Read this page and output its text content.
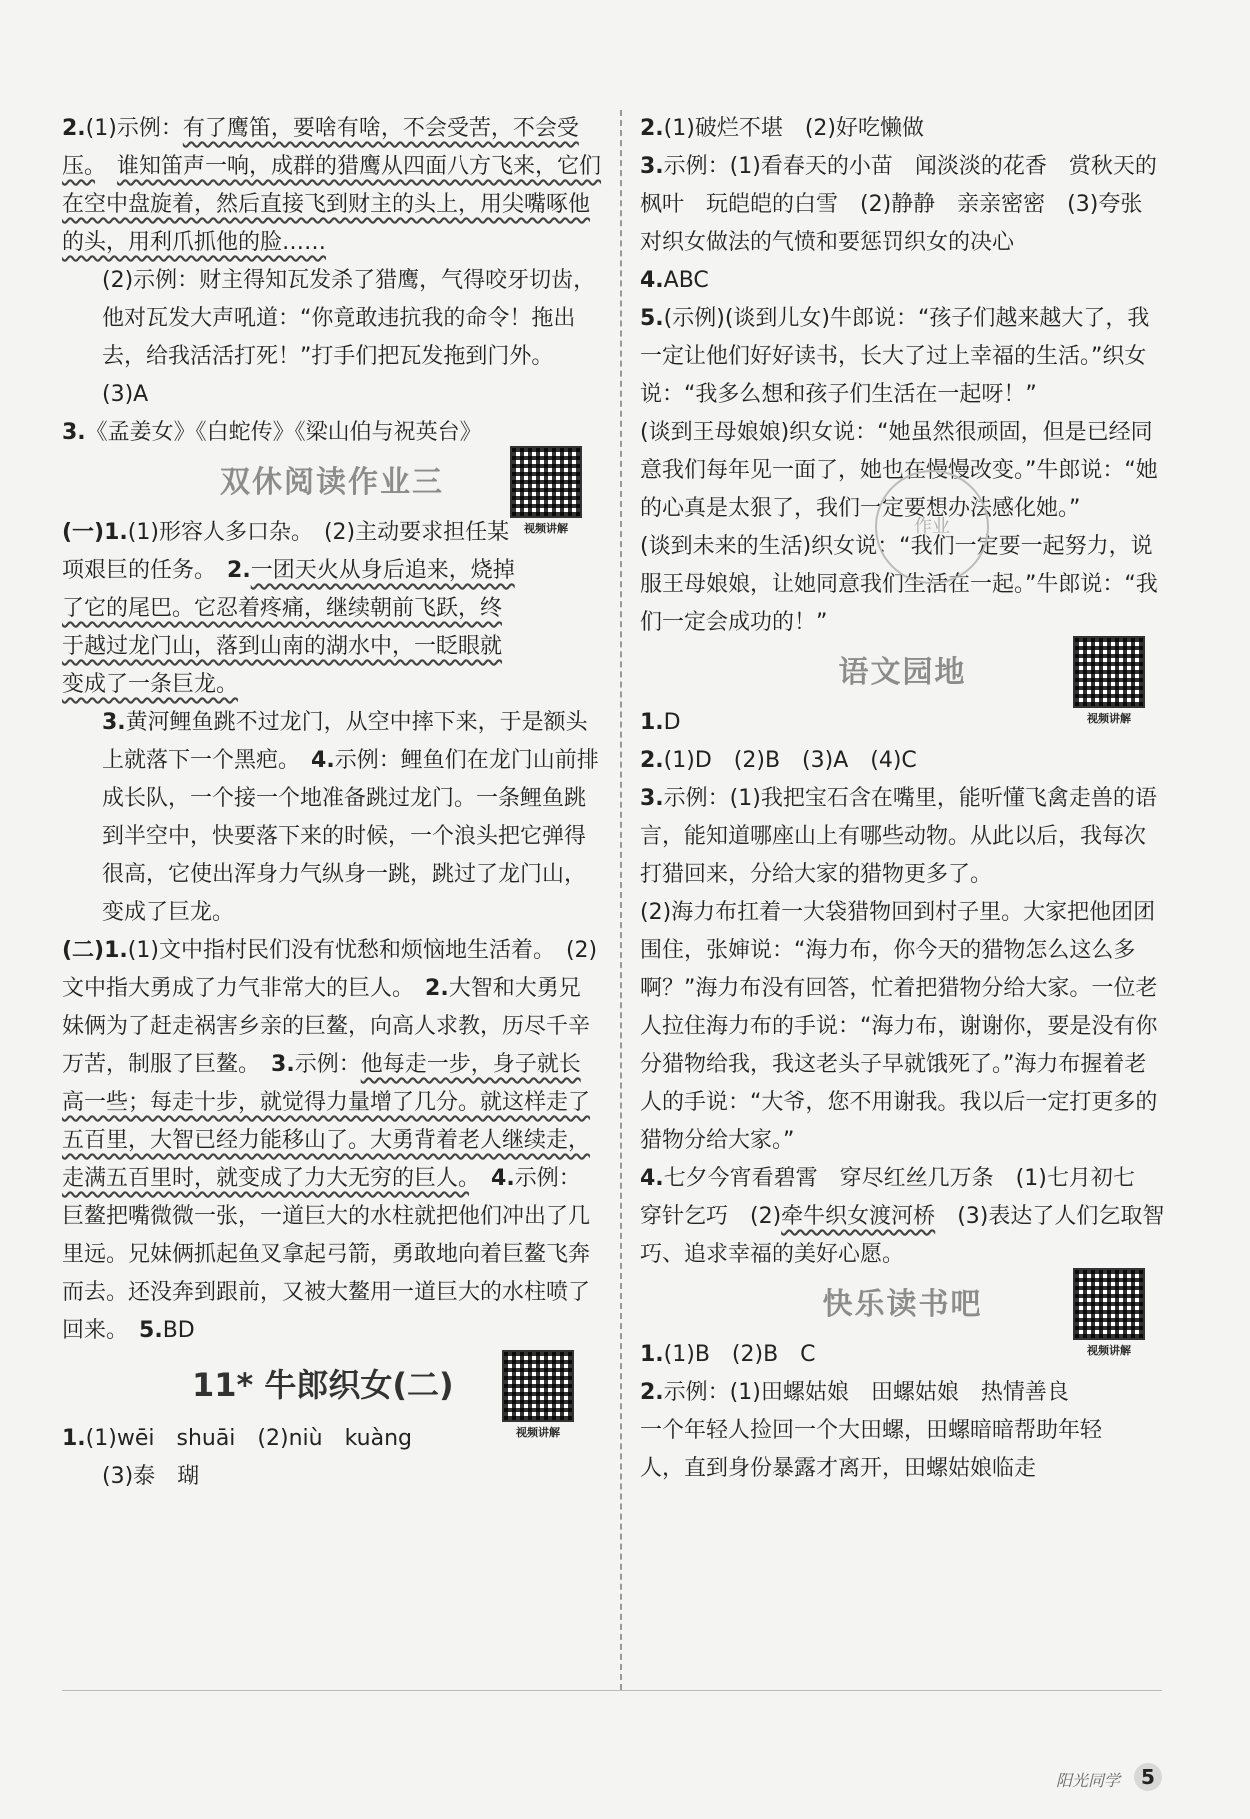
2.(1)示例：有了鹰笛，要啥有啥，不会受苦，不会受压。　 谁知笛声一响，成群的猎鹰从四面八方飞来，它们在空中盘旋着，然后直接飞到财主的头上，用尖嘴啄他的头，用利爪抓他的脸……

(2)示例：财主得知瓦发杀了猎鹰，气得咬牙切齿，他对瓦发大声吼道：“你竟敢违抗我的命令！拖出去，给我活活打死！”打手们把瓦发拖到门外。　(3)A

3.《孟姜女》《白蛇传》《梁山伯与祝英台》

双休阅读作业三
视频讲解

(一)1.(1)形容人多口杂。　(2)主动要求担任某项艰巨的任务。　2.一团天火从身后追来，烧掉了它的尾巴。它忍着疼痛，继续朝前飞跃，终于越过龙门山，落到山南的湖水中，一眨眼就变成了一条巨龙。

3.黄河鲤鱼跳不过龙门，从空中摔下来，于是额头上就落下一个黑疤。　4.示例：鲤鱼们在龙门山前排成长队，一个接一个地准备跳过龙门。一条鲤鱼跳到半空中，快要落下来的时候，一个浪头把它弹得很高，它使出浑身力气纵身一跳，跳过了龙门山，变成了巨龙。

(二)1.(1)文中指村民们没有忧愁和烦恼地生活着。　(2)文中指大勇成了力气非常大的巨人。　2.大智和大勇兄妹俩为了赶走祸害乡亲的巨鳌，向高人求教，历尽千辛万苦，制服了巨鳌。　3.示例：他每走一步，身子就长高一些；每走十步，就觉得力量增了几分。就这样走了五百里，大智已经力能移山了。大勇背着老人继续走，走满五百里时，就变成了力大无穷的巨人。　 4.示例：巨鳌把嘴微微一张，一道巨大的水柱就把他们冲出了几里远。兄妹俩抓起鱼叉拿起弓箭，勇敢地向着巨鳌飞奔而去。还没奔到跟前，又被大鳌用一道巨大的水柱喷了回来。　5.BD

11* 牛郎织女(二)
视频讲解

1.(1)wēi　shuāi　(2)niù　kuàng

(3)泰　瑚

2.(1)破烂不堪　(2)好吃懒做

3.示例：(1)看春天的小苗　闻淡淡的花香　赏秋天的枫叶　玩皑皑的白雪　(2)静静　亲亲密密　(3)夸张　对织女做法的气愤和要惩罚织女的决心

4.ABC

5.(示例)(谈到儿女)牛郎说：“孩子们越来越大了，我一定让他们好好读书，长大了过上幸福的生活。”织女说：“我多么想和孩子们生活在一起呀！”

(谈到王母娘娘)织女说：“她虽然很顽固，但是已经同意我们每年见一面了，她也在慢慢改变。”牛郎说：“她的心真是太狠了，我们一定要想办法感化她。”

(谈到未来的生活)织女说：“我们一定要一起努力，说服王母娘娘，让她同意我们生活在一起。”牛郎说：“我们一定会成功的！”

语文园地
视频讲解

1.D

2.(1)D　(2)B　(3)A　(4)C

3.示例：(1)我把宝石含在嘴里，能听懂飞禽走兽的语言，能知道哪座山上有哪些动物。从此以后，我每次打猎回来，分给大家的猎物更多了。

(2)海力布扛着一大袋猎物回到村子里。大家把他团团围住，张婶说：“海力布，你今天的猎物怎么这么多啊？”海力布没有回答，忙着把猎物分给大家。一位老人拉住海力布的手说：“海力布，谢谢你，要是没有你分猎物给我，我这老头子早就饿死了。”海力布握着老人的手说：“大爷，您不用谢我。我以后一定打更多的猎物分给大家。”

4.七夕今宵看碧霄　穿尽红丝几万条　(1)七月初七　穿针乞巧　(2)牵牛织女渡河桥　(3)表达了人们乞取智巧、追求幸福的美好心愿。

快乐读书吧
视频讲解

1.(1)B　(2)B　C

2.示例：(1)田螺姑娘　田螺姑娘　热情善良　一个年轻人捡回一个大田螺，田螺暗暗帮助年轻人，直到身份暴露才离开，田螺姑娘临走

作业
阳光同学	5
